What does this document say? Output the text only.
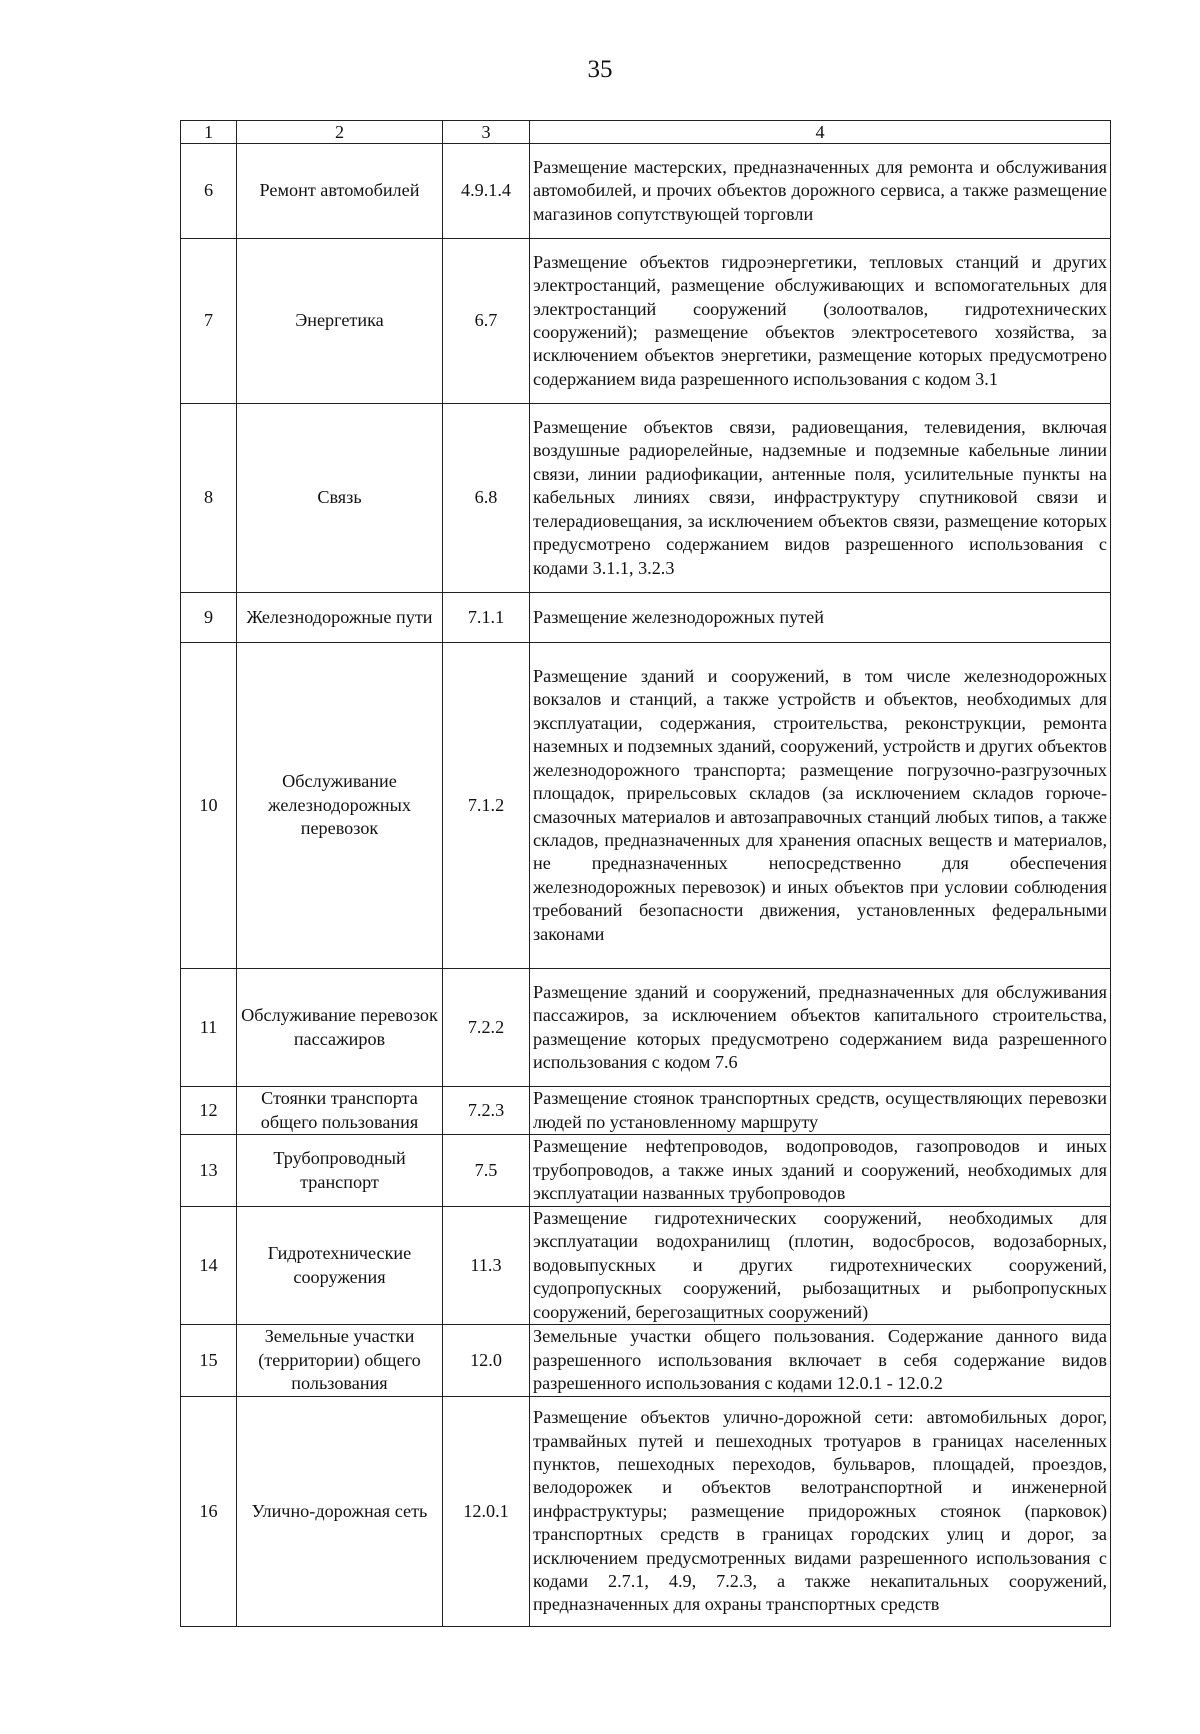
35
1	2	3	4
6	Ремонт автомобилей	4.9.1.4	Размещение мастерских, предназначенных для ремонта и обслуживания автомобилей, и прочих объектов дорожного сервиса, а также размещение магазинов сопутствующей торговли
7	Энергетика	6.7	Размещение объектов гидроэнергетики, тепловых станций и других электростанций, размещение обслуживающих и вспомогательных для электростанций сооружений (золоотвалов, гидротехнических сооружений); размещение объектов электросетевого хозяйства, за исключением объектов энергетики, размещение которых предусмотрено содержанием вида разрешенного использования с кодом 3.1
8	Связь	6.8	Размещение объектов связи, радиовещания, телевидения, включая воздушные радиорелейные, надземные и подземные кабельные линии связи, линии радиофикации, антенные поля, усилительные пункты на кабельных линиях связи, инфраструктуру спутниковой связи и телерадиовещания, за исключением объектов связи, размещение которых предусмотрено содержанием видов разрешенного использования с кодами 3.1.1, 3.2.3
9	Железнодорожные пути	7.1.1	Размещение железнодорожных путей
10	Обслуживание железнодорожных перевозок	7.1.2	Размещение зданий и сооружений, в том числе железнодорожных вокзалов и станций, а также устройств и объектов, необходимых для эксплуатации, содержания, строительства, реконструкции, ремонта наземных и подземных зданий, сооружений, устройств и других объектов железнодорожного транспорта; размещение погрузочно-разгрузочных площадок, прирельсовых складов (за исключением складов горюче-смазочных материалов и автозаправочных станций любых типов, а также складов, предназначенных для хранения опасных веществ и материалов, не предназначенных непосредственно для обеспечения железнодорожных перевозок) и иных объектов при условии соблюдения требований безопасности движения, установленных федеральными законами
11	Обслуживание перевозок пассажиров	7.2.2	Размещение зданий и сооружений, предназначенных для обслуживания пассажиров, за исключением объектов капитального строительства, размещение которых предусмотрено содержанием вида разрешенного использования с кодом 7.6
12	Стоянки транспорта общего пользования	7.2.3	Размещение стоянок транспортных средств, осуществляющих перевозки людей по установленному маршруту
13	Трубопроводный транспорт	7.5	Размещение нефтепроводов, водопроводов, газопроводов и иных трубопроводов, а также иных зданий и сооружений, необходимых для эксплуатации названных трубопроводов
14	Гидротехнические сооружения	11.3	Размещение гидротехнических сооружений, необходимых для эксплуатации водохранилищ (плотин, водосбросов, водозаборных, водовыпускных и других гидротехнических сооружений, судопропускных сооружений, рыбозащитных и рыбопропускных сооружений, берегозащитных сооружений)
15	Земельные участки (территории) общего пользования	12.0	Земельные участки общего пользования. Содержание данного вида разрешенного использования включает в себя содержание видов разрешенного использования с кодами 12.0.1 - 12.0.2
16	Улично-дорожная сеть	12.0.1	Размещение объектов улично-дорожной сети: автомобильных дорог, трамвайных путей и пешеходных тротуаров в границах населенных пунктов, пешеходных переходов, бульваров, площадей, проездов, велодорожек и объектов велотранспортной и инженерной инфраструктуры; размещение придорожных стоянок (парковок) транспортных средств в границах городских улиц и дорог, за исключением предусмотренных видами разрешенного использования с кодами 2.7.1, 4.9, 7.2.3, а также некапитальных сооружений, предназначенных для охраны транспортных средств
